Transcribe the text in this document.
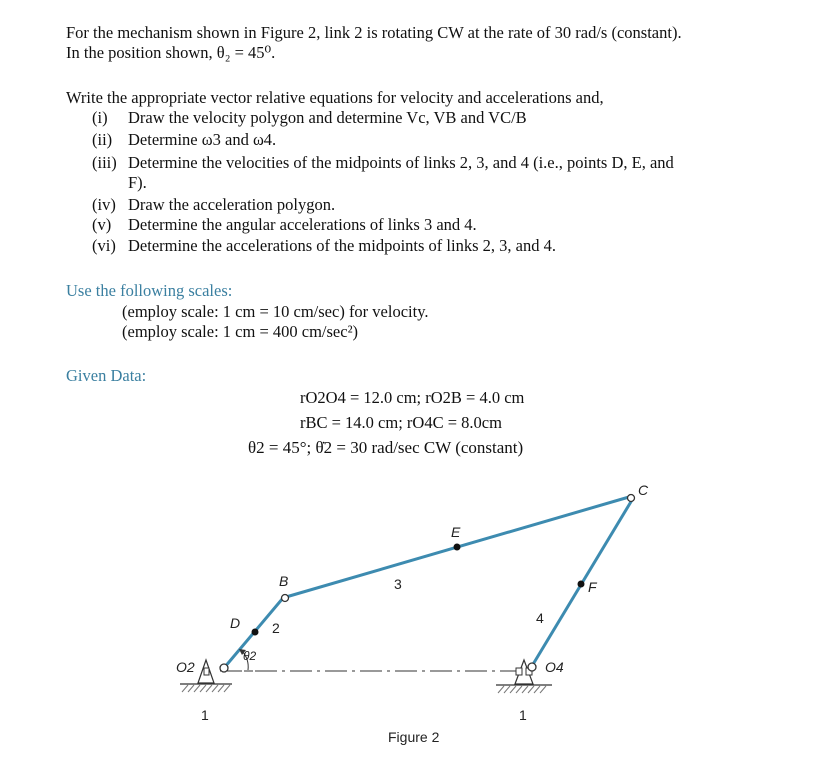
For the mechanism shown in Figure 2, link 2 is rotating CW at the rate of 30 rad/s (constant).
In the position shown, θ₂ = 45⁰.
Write the appropriate vector relative equations for velocity and accelerations and,
(i) Draw the velocity polygon and determine Vc, VB and VC/B
(ii) Determine ω3 and ω4.
(iii) Determine the velocities of the midpoints of links 2, 3, and 4 (i.e., points D, E, and
F).
(iv) Draw the acceleration polygon.
(v) Determine the angular accelerations of links 3 and 4.
(vi) Determine the accelerations of the midpoints of links 2, 3, and 4.
Use the following scales:
(employ scale: 1 cm = 10 cm/sec) for velocity.
(employ scale: 1 cm = 400 cm/sec²)
Given Data:
rO2O4 = 12.0 cm; rO2B = 4.0 cm
rBC = 14.0 cm; rO4C = 8.0cm
θ2 = 45°; θ̇2 = 30 rad/sec CW (constant)
O2	O4
B
C
D
E
F
2
3
4
1	1
θ2
Figure 2
